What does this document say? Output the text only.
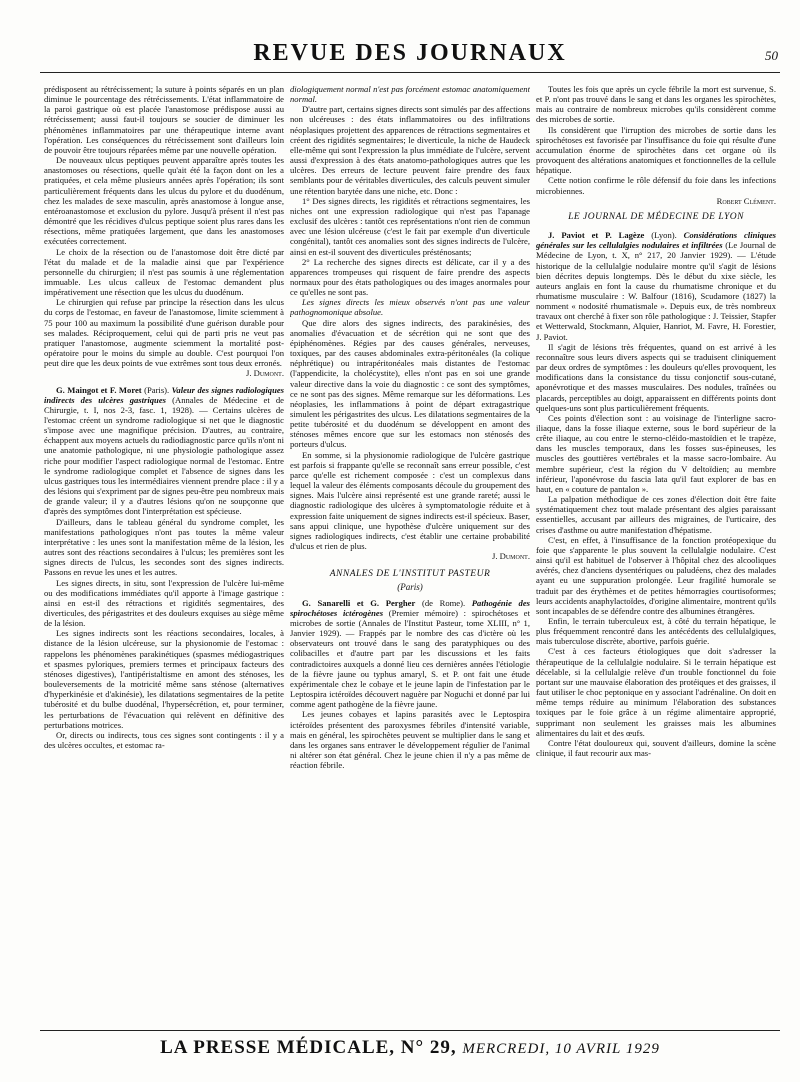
REVUE DES JOURNAUX	50

prédisposent au rétrécissement; la suture à points séparés en un plan diminue le pourcentage des rétrécissements. L'état inflammatoire de la paroi gastrique où est placée l'anastomose prédispose aussi au rétrécissement; aussi faut-il toujours se soucier de diminuer les phénomènes inflammatoires par une thérapeutique interne avant l'opération. Les conséquences du rétrécissement sont d'ailleurs loin de pouvoir être toujours réparées même par une nouvelle opération.

De nouveaux ulcus peptiques peuvent apparaître après toutes les anastomoses ou résections, quelle qu'ait été la façon dont on les a pratiquées, et cela même plusieurs années après l'opération; ils sont particulièrement fréquents dans les ulcus du pylore et du duodénum, chez les malades de sexe masculin, après anastomose à longue anse, entéroanastomose et exclusion du pylore. Jusqu'à présent il n'est pas démontré que les récidives d'ulcus peptique soient plus rares dans les résections, même pratiquées largement, que dans les anastomoses exécutées correctement.

Le choix de la résection ou de l'anastomose doit être dicté par l'état du malade et de la maladie ainsi que par l'expérience personnelle du chirurgien; il n'est pas soumis à une réglementation immuable. Les ulcus calleux de l'estomac demandent plus impérativement une résection que les ulcus du duodénum.

Le chirurgien qui refuse par principe la résection dans les ulcus du corps de l'estomac, en faveur de l'anastomose, limite sciemment à 75 pour 100 au maximum la possibilité d'une guérison durable pour ses malades. Réciproquement, celui qui de parti pris ne veut pas pratiquer l'anastomose, augmente sciemment la mortalité post-opératoire pour le moins du simple au double. C'est pourquoi l'on peut dire que les deux points de vue extrêmes sont tous deux erronés.

J. Dumont.

G. Maingot et F. Moret (Paris). Valeur des signes radiologiques indirects des ulcères gastriques (Annales de Médecine et de Chirurgie, t. I, nos 2-3, fasc. 1, 1928). — Certains ulcères de l'estomac créent un syndrome radiologique si net que le diagnostic s'impose avec une magnifique précision. D'autres, au contraire, échappent aux moyens actuels du radiodiagnostic parce qu'ils n'ont ni une anatomie pathologique, ni une physiologie pathologique assez riche pour modifier l'aspect radiologique normal de l'estomac. Entre le syndrome radiologique complet et l'absence de signes dans les ulcus gastriques tous les intermédiaires viennent prendre place : il y a des lésions qui s'expriment par de signes peu-être peu nombreux mais de grande valeur; il y a d'autres lésions qu'on ne soupçonne que d'après des symptômes dont l'interprétation est spécieuse.

D'ailleurs, dans le tableau général du syndrome complet, les manifestations pathologiques n'ont pas toutes la même valeur interprétative : les unes sont la manifestation même de la lésion, les autres sont des réactions secondaires à l'ulcus; les premières sont les signes directs de l'ulcus, les secondes sont des signes indirects. Passons en revue les unes et les autres.

Les signes directs, in situ, sont l'expression de l'ulcère lui-même ou des modifications immédiates qu'il apporte à l'image gastrique : ainsi en est-il des rétractions et rigidités segmentaires, des diverticules, des périgastrites et des douleurs exquises au siège même de la lésion.

Les signes indirects sont les réactions secondaires, locales, à distance de la lésion ulcéreuse, sur la physionomie de l'estomac : rappelons les phénomènes parakinétiques (spasmes médiogastriques et spasmes pyloriques, premiers termes et principaux facteurs des sténoses digestives), l'antipéristaltisme en amont des sténoses, les bouleversements de la motricité même sans sténose (alternatives d'hyperkinésie et d'akinésie), les dilatations segmentaires de la petite tubérosité et du bulbe duodénal, l'hypersécrétion, et, pour terminer, les perturbations de l'évacuation qui relèvent en définitive des perturbations motrices.

Or, directs ou indirects, tous ces signes sont contingents : il y a des ulcères occultes, et estomac ra-

diologiquement normal n'est pas forcément estomac anatomiquement normal.

D'autre part, certains signes directs sont simulés par des affections non ulcéreuses : des états inflammatoires ou des infiltrations néoplasiques projettent des apparences de rétractions segmentaires et créent des rigidités segmentaires; le diverticule, la niche de Haudeck elle-même qui sont l'expression la plus immédiate de l'ulcère, servent aussi d'expression à des états anatomo-pathologiques autres que les ulcères. Des erreurs de lecture peuvent faire prendre des faux semblants pour de véritables diverticules, des calculs peuvent simuler une rétention barytée dans une niche, etc. Donc :

1° Des signes directs, les rigidités et rétractions segmentaires, les niches ont une expression radiologique qui n'est pas l'apanage exclusif des ulcères : tantôt ces représentations n'ont rien de commun avec une lésion ulcéreuse (c'est le fait par exemple d'un diverticule congénital), tantôt ces anomalies sont des signes indirects de l'ulcère, ainsi en est-il souvent des diverticules présténosants;

2° La recherche des signes directs est délicate, car il y a des apparences trompeuses qui risquent de faire prendre des aspects normaux pour des états pathologiques ou des images anormales pour ce qu'elles ne sont pas.

Les signes directs les mieux observés n'ont pas une valeur pathognomonique absolue.

Que dire alors des signes indirects, des parakinésies, des anomalies d'évacuation et de sécrétion qui ne sont que des épiphénomènes. Régies par des causes générales, nerveuses, toxiques, par des causes abdominales extra-péritonéales (la colique néphrétique) ou intrapéritonéales mais distantes de l'estomac (l'appendicite, la cholécystite), elles n'ont pas en soi une grande valeur directive dans la voie du diagnostic : ce sont des symptômes, ce ne sont pas des signes. Même remarque sur les déformations. Les néoplasies, les inflammations à point de départ extragastrique simulent les périgastrites des ulcus. Les dilatations segmentaires de la petite tubérosité et du duodénum se développent en amont des sténoses mêmes encore que sur les estomacs non sténosés des porteurs d'ulcus.

En somme, si la physionomie radiologique de l'ulcère gastrique est parfois si frappante qu'elle se reconnaît sans erreur possible, c'est parce qu'elle est richement composée : c'est un complexus dans lequel la valeur des éléments composants découle du groupement des signes. Mais l'ulcère ainsi représenté est une grande rareté; aussi le diagnostic radiologique des ulcères à symptomatologie réduite et à expression faite uniquement de signes indirects est-il spécieux. Baser, sans appui clinique, une hypothèse d'ulcère uniquement sur des signes radiologiques indirects, c'est établir une certaine probabilité d'ulcus et rien de plus.

J. Dumont.

ANNALES DE L'INSTITUT PASTEUR
(Paris)

G. Sanarelli et G. Pergher (de Rome). Pathogénie des spirochétoses ictérogènes (Premier mémoire) : spirochétoses et microbes de sortie (Annales de l'Institut Pasteur, tome XLIII, n° 1, Janvier 1929). — Frappés par le nombre des cas d'ictère où les observateurs ont trouvé dans le sang des paratyphiques ou des colibacilles et d'autre part par les discussions et les faits contradictoires auxquels a donné lieu ces dernières années l'étiologie de la fièvre jaune ou typhus amaryl, S. et P. ont fait une étude expérimentale chez le cobaye et le jeune lapin de l'infestation par le Leptospira ictéroïdes découvert naguère par Noguchi et donné par lui comme agent pathogène de la fièvre jaune.

Les jeunes cobayes et lapins parasités avec le Leptospira ictéroïdes présentent des paroxysmes fébriles d'intensité variable, mais en général, les spirochètes peuvent se multiplier dans le sang et dans les organes sans entraver le développement régulier de l'animal ni altérer son état général. Chez le jeune chien il n'y a pas même de réaction fébrile.

Toutes les fois que après un cycle fébrile la mort est survenue, S. et P. n'ont pas trouvé dans le sang et dans les organes les spirochètes, mais au contraire de nombreux microbes qu'ils considèrent comme des microbes de sortie.

Ils considèrent que l'irruption des microbes de sortie dans les spirochétoses est favorisée par l'insuffisance du foie qui résulte d'une accumulation énorme de spirochètes dans cet organe où ils provoquent des altérations anatomiques et fonctionnelles de la cellule hépatique.

Cette notion confirme le rôle défensif du foie dans les infections microbiennes.

Robert Clément.

LE JOURNAL DE MÉDECINE DE LYON

J. Paviot et P. Lagèze (Lyon). Considérations cliniques générales sur les cellulalgies nodulaires et infiltrées (Le Journal de Médecine de Lyon, t. X, n° 217, 20 Janvier 1929). — L'étude historique de la cellulalgie nodulaire montre qu'il s'agit de lésions bien décrites depuis longtemps. Dès le début du xixe siècle, les auteurs anglais en font la cause du rhumatisme chronique et du rhumatisme musculaire : W. Balfour (1816), Scudamore (1827) la nomment « nodosité rhumatismale ». Depuis eux, de très nombreux travaux ont cherché à fixer son rôle pathologique : J. Teissier, Stapfer et Wetterwald, Stockmann, Alquier, Hanriot, M. Favre, H. Forestier, J. Paviot.

Il s'agit de lésions très fréquentes, quand on est arrivé à les reconnaître sous leurs divers aspects qui se traduisent cliniquement par deux ordres de symptômes : les douleurs qu'elles provoquent, les modifications dans la consistance du tissu conjonctif sous-cutané, aponévrotique et des masses musculaires. Des nodules, traînées ou placards, perceptibles au doigt, apparaissent en différents points dont quelques-uns sont plus particulièrement fréquents.

Ces points d'élection sont : au voisinage de l'interligne sacro-iliaque, dans la fosse iliaque externe, sous le bord supérieur de la crête iliaque, au cou entre le sterno-cléido-mastoïdien et le trapèze, dans les muscles temporaux, dans les fosses sus-épineuses, les muscles des gouttières vertébrales et la masse sacro-lombaire. Au membre supérieur, c'est la région du V deltoïdien; au membre inférieur, l'aponévrose du fascia lata qu'il faut explorer de bas en haut, en « couture de pantalon ».

La palpation méthodique de ces zones d'élection doit être faite systématiquement chez tout malade présentant des algies paraissant essentielles, accusant par ailleurs des migraines, de l'urticaire, des crises d'asthme ou autre manifestation d'hépatisme.

C'est, en effet, à l'insuffisance de la fonction protéopexique du foie que s'apparente le plus souvent la cellulalgie nodulaire. C'est ainsi qu'il est habituel de l'observer à l'hôpital chez des alcooliques avérés, chez d'anciens dysentériques ou paludéens, chez des malades ayant eu une suppuration prolongée. Leur fragilité humorale se traduit par des érythèmes et de petites hémorragies courtisoformes; leurs accidents anaphylactoïdes, d'origine alimentaire, montrent qu'ils sont incapables de se défendre contre des albumines étrangères.

Enfin, le terrain tuberculeux est, à côté du terrain hépatique, le plus fréquemment rencontré dans les antécédents des cellulalgiques, mais tuberculose discrète, abortive, parfois guérie.

C'est à ces facteurs étiologiques que doit s'adresser la thérapeutique de la cellulalgie nodulaire. Si le terrain hépatique est décelable, si la cellulalgie relève d'un trouble fonctionnel du foie portant sur une mauvaise élaboration des protéiques et des graisses, il faut utiliser le choc peptonique en y associant l'adrénaline. On doit en même temps réduire au minimum l'élaboration des substances toxiques par le foie grâce à un régime alimentaire approprié, supprimant non seulement les graisses mais les albumines alimentaires du lait et des œufs.

Contre l'état douloureux qui, souvent d'ailleurs, domine la scène clinique, il faut recourir aux mas-

LA PRESSE MÉDICALE, N° 29, MERCREDI, 10 AVRIL 1929
